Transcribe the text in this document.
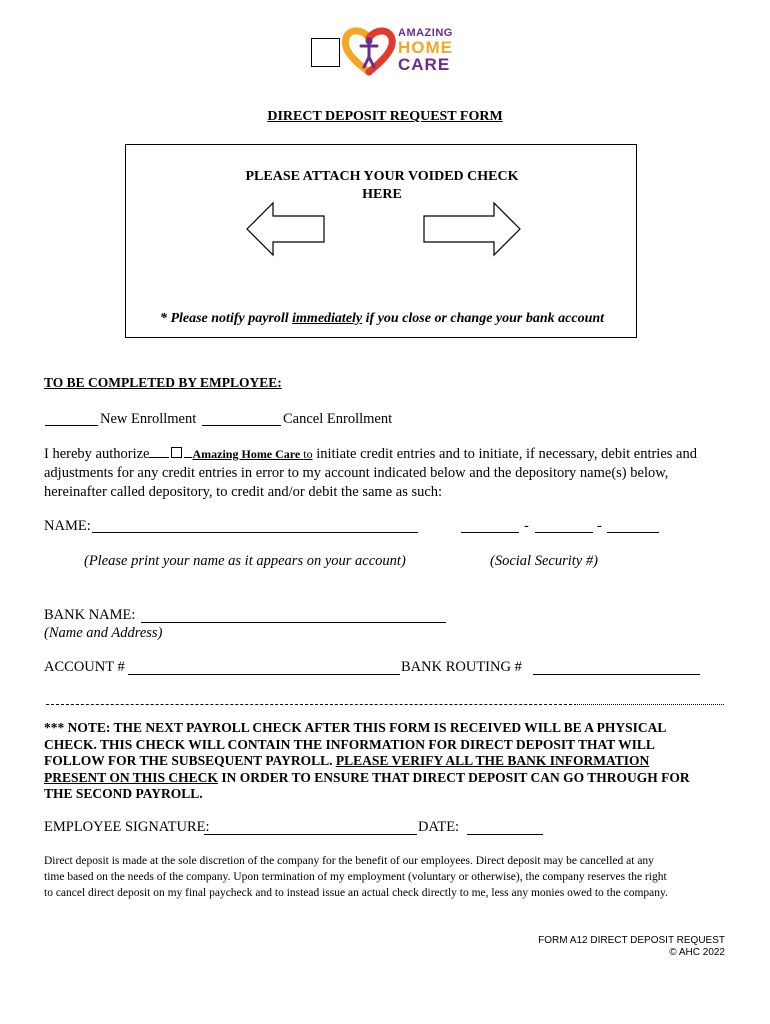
AMAZING
HOME
CARE
DIRECT DEPOSIT REQUEST FORM
PLEASE ATTACH YOUR VOIDED CHECK
HERE
* Please notify payroll immediately if you close or change your bank account
TO BE COMPLETED BY EMPLOYEE:
New Enrollment	Cancel Enrollment
I hereby authorize	Amazing Home Care to initiate credit entries and to initiate, if necessary, debit entries and
adjustments for any credit entries in error to my account indicated below and the depository name(s) below,
hereinafter called depository, to credit and/or debit the same as such:
NAME:	-	-
(Please print your name as it appears on your account)	(Social Security #)
BANK NAME:
(Name and Address)
ACCOUNT #	BANK ROUTING #
*** NOTE: THE NEXT PAYROLL CHECK AFTER THIS FORM IS RECEIVED WILL BE A PHYSICAL
CHECK. THIS CHECK WILL CONTAIN THE INFORMATION FOR DIRECT DEPOSIT THAT WILL
FOLLOW FOR THE SUBSEQUENT PAYROLL. PLEASE VERIFY ALL THE BANK INFORMATION
PRESENT ON THIS CHECK IN ORDER TO ENSURE THAT DIRECT DEPOSIT CAN GO THROUGH FOR
THE SECOND PAYROLL.
EMPLOYEE SIGNATURE:	DATE:
Direct deposit is made at the sole discretion of the company for the benefit of our employees. Direct deposit may be cancelled at any
time based on the needs of the company. Upon termination of my employment (voluntary or otherwise), the company reserves the right
to cancel direct deposit on my final paycheck and to instead issue an actual check directly to me, less any monies owed to the company.
FORM A12 DIRECT DEPOSIT REQUEST
© AHC 2022
